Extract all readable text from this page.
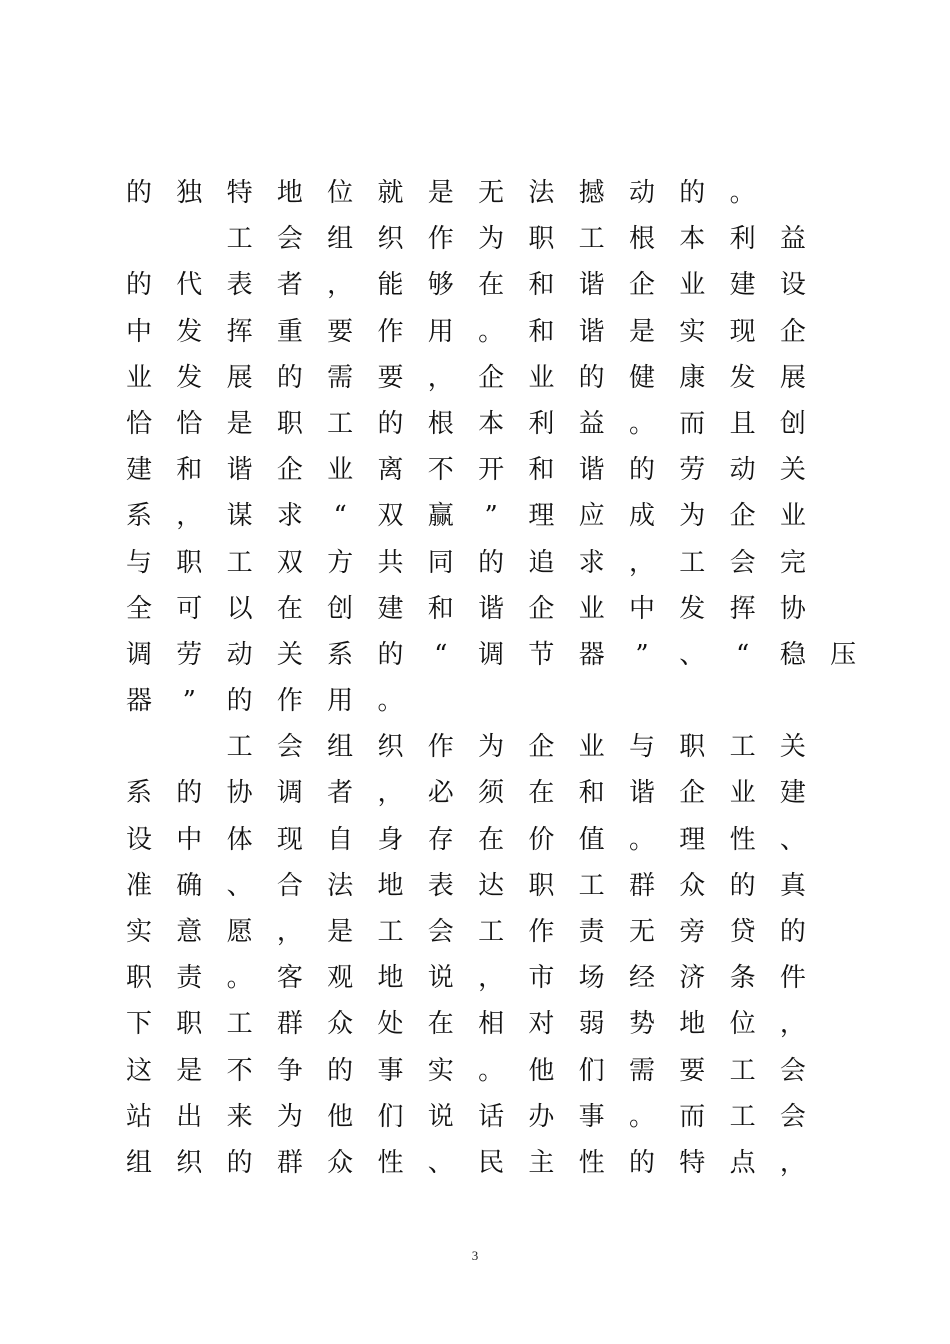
的 独 特 地 位 就 是 无 法 撼 动 的 。
工 会 组 织 作 为 职 工 根 本 利 益
的 代 表 者 ， 能 够 在 和 谐 企 业 建 设
中 发 挥 重 要 作 用 。 和 谐 是 实 现 企
业 发 展 的 需 要 ， 企 业 的 健 康 发 展
恰 恰 是 职 工 的 根 本 利 益 。 而 且 创
建 和 谐 企 业 离 不 开 和 谐 的 劳 动 关
系 ， 谋 求	“	双 赢	”	理 应 成 为 企 业
与 职 工 双 方 共 同 的 追 求 ， 工 会 完
全 可 以 在 创 建 和 谐 企 业 中 发 挥 协
调 劳 动 关 系 的	“	调 节 器	”	、	“	稳 压
器	”	的 作 用 。
工 会 组 织 作 为 企 业 与 职 工 关
系 的 协 调 者 ， 必 须 在 和 谐 企 业 建
设 中 体 现 自 身 存 在 价 值 。 理 性 、
准 确 、 合 法 地 表 达 职 工 群 众 的 真
实 意 愿 ， 是 工 会 工 作 责 无 旁 贷 的
职 责 。 客 观 地 说 ， 市 场 经 济 条 件
下 职 工 群 众 处 在 相 对 弱 势 地 位 ，
这 是 不 争 的 事 实 。 他 们 需 要 工 会
站 出 来 为 他 们 说 话 办 事 。 而 工 会
组 织 的 群 众 性 、 民 主 性 的 特 点 ，
3
